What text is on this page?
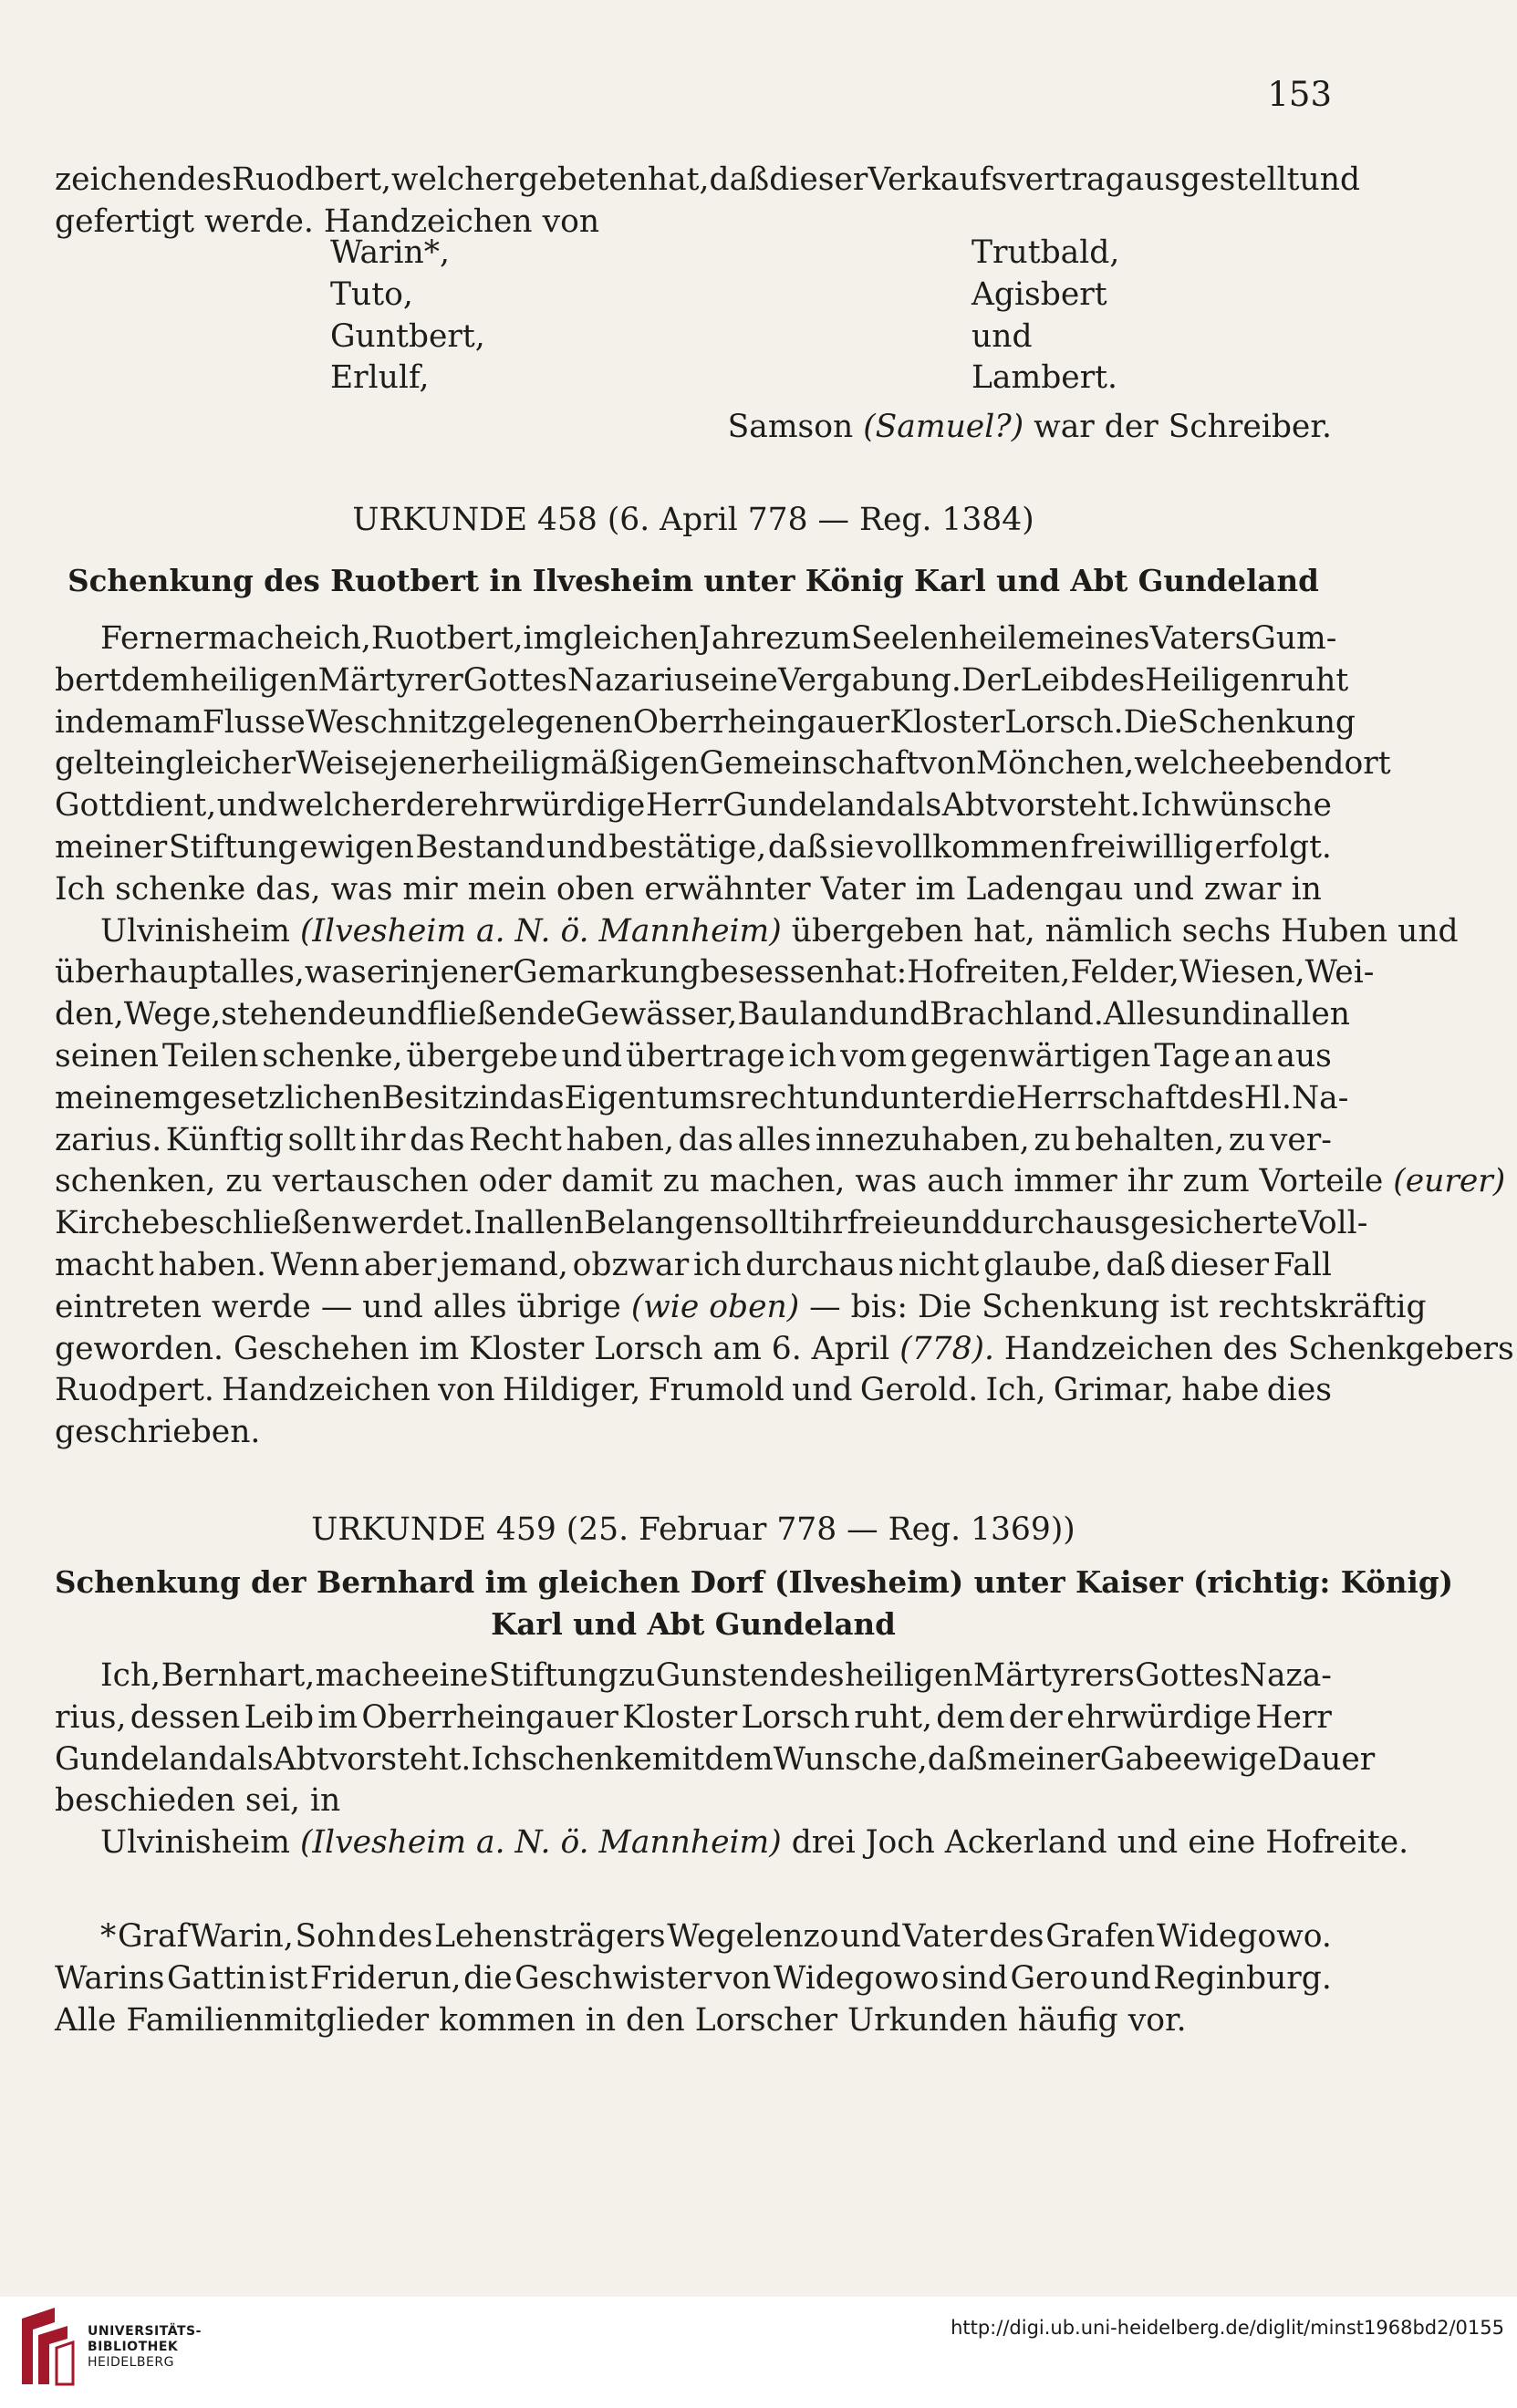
153
zeichen des Ruodbert, welcher gebeten hat, daß dieser Verkaufsvertrag ausgestellt und
gefertigt werde. Handzeichen von
Warin*,
Tuto,
Guntbert,
Erlulf,
Trutbald,
Agisbert
und
Lambert.
Samson (Samuel?) war der Schreiber.
URKUNDE 458 (6. April 778 — Reg. 1384)
Schenkung des Ruotbert in Ilvesheim unter König Karl und Abt Gundeland
Ferner mache ich, Ruotbert, im gleichen Jahre zum Seelenheile meines Vaters Gum-
bert dem heiligen Märtyrer Gottes Nazarius eine Vergabung. Der Leib des Heiligen ruht
in dem am Flusse Weschnitz gelegenen Oberrheingauer Kloster Lorsch. Die Schenkung
gelte in gleicher Weise jener heiligmäßigen Gemeinschaft von Mönchen, welche ebendort
Gott dient, und welcher der ehrwürdige Herr Gundeland als Abt vorsteht. Ich wünsche
meiner Stiftung ewigen Bestand und bestätige, daß sie vollkommen freiwillig erfolgt.
Ich schenke das, was mir mein oben erwähnter Vater im Ladengau und zwar in
Ulvinisheim (Ilvesheim a. N. ö. Mannheim) übergeben hat, nämlich sechs Huben und
überhaupt alles, was er in jener Gemarkung besessen hat: Hofreiten, Felder, Wiesen, Wei-
den, Wege, stehende und fließende Gewässer, Bauland und Brachland. Alles und in allen
seinen Teilen schenke, übergebe und übertrage ich vom gegenwärtigen Tage an aus
meinem gesetzlichen Besitz in das Eigentumsrecht und unter die Herrschaft des Hl. Na-
zarius. Künftig sollt ihr das Recht haben, das alles innezuhaben, zu behalten, zu ver-
schenken, zu vertauschen oder damit zu machen, was auch immer ihr zum Vorteile (eurer)
Kirche beschließen werdet. In allen Belangen sollt ihr freie und durchaus gesicherte Voll-
macht haben. Wenn aber jemand, obzwar ich durchaus nicht glaube, daß dieser Fall
eintreten werde — und alles übrige (wie oben) — bis: Die Schenkung ist rechtskräftig
geworden. Geschehen im Kloster Lorsch am 6. April (778). Handzeichen des Schenkgebers
Ruodpert. Handzeichen von Hildiger, Frumold und Gerold. Ich, Grimar, habe dies
geschrieben.
URKUNDE 459 (25. Februar 778 — Reg. 1369))
Schenkung der Bernhard im gleichen Dorf (Ilvesheim) unter Kaiser (richtig: König)
Karl und Abt Gundeland
Ich, Bernhart, mache eine Stiftung zu Gunsten des heiligen Märtyrers Gottes Naza-
rius, dessen Leib im Oberrheingauer Kloster Lorsch ruht, dem der ehrwürdige Herr
Gundeland als Abt vorsteht. Ich schenke mit dem Wunsche, daß meiner Gabe ewige Dauer
beschieden sei, in
Ulvinisheim (Ilvesheim a. N. ö. Mannheim) drei Joch Ackerland und eine Hofreite.
* Graf Warin, Sohn des Lehensträgers Wegelenzo und Vater des Grafen Widegowo.
Warins Gattin ist Friderun, die Geschwister von Widegowo sind Gero und Reginburg.
Alle Familienmitglieder kommen in den Lorscher Urkunden häufig vor.
UNIVERSITÄTS-
BIBLIOTHEK
HEIDELBERG
http://digi.ub.uni-heidelberg.de/diglit/minst1968bd2/0155
